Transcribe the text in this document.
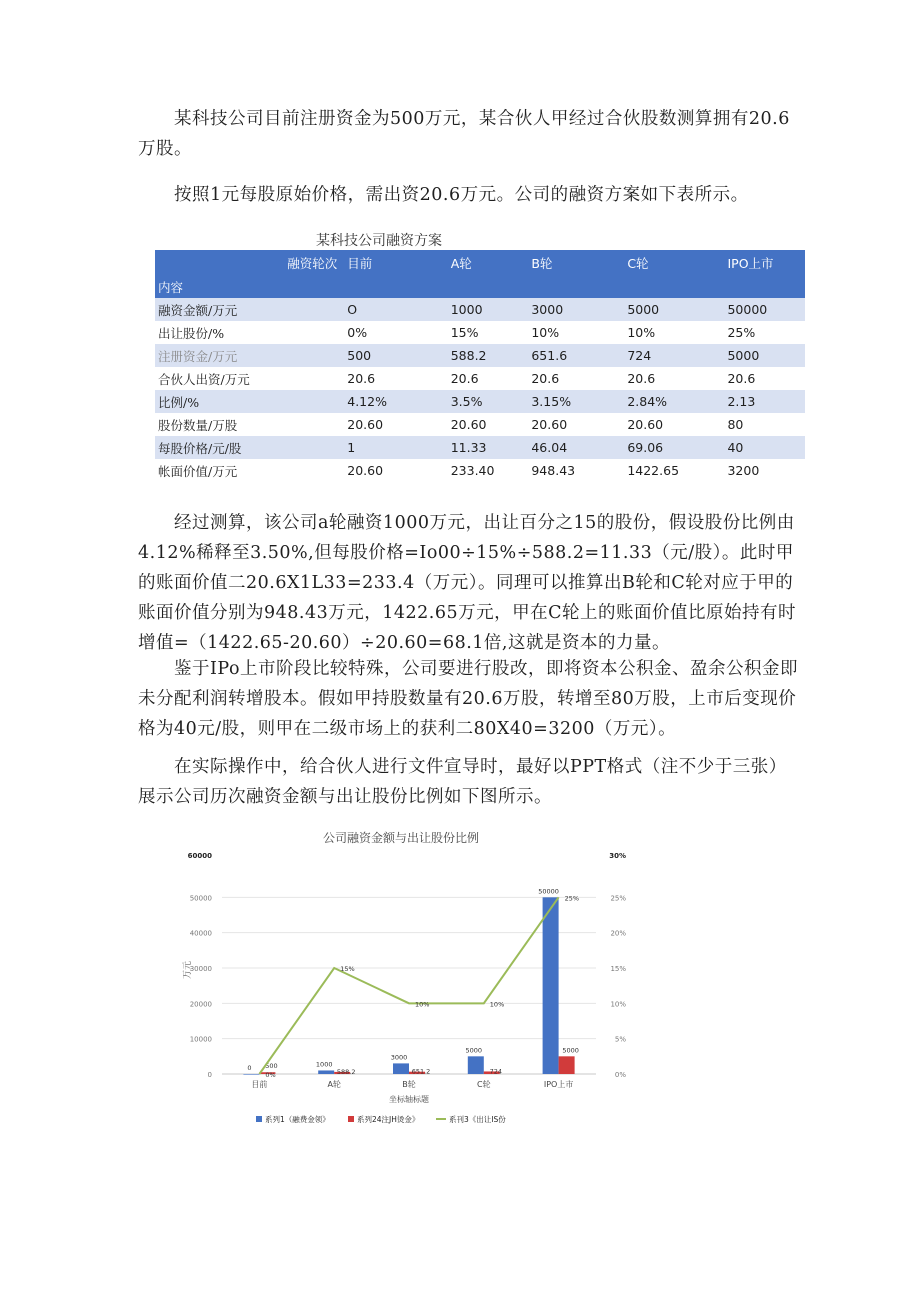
某科技公司目前注册资金为500万元，某合伙人甲经过合伙股数测算拥有20.6万股。

按照1元每股原始价格，需出资20.6万元。公司的融资方案如下表所示。

某科技公司融资方案
融资轮次
内容	目前	A轮	B轮	C轮	IPO上市
融资金额/万元	O	1000	3000	5000	50000
出让股份/%	0%	15%	10%	10%	25%
注册资金/万元	500	588.2	651.6	724	5000
合伙人出资/万元	20.6	20.6	20.6	20.6	20.6
比例/%	4.12%	3.5%	3.15%	2.84%	2.13
股份数量/万股	20.60	20.60	20.60	20.60	80
每股价格/元/股	1	11.33	46.04	69.06	40
帐面价值/万元	20.60	233.40	948.43	1422.65	3200

经过测算，该公司a轮融资1000万元，出让百分之15的股份，假设股份比例由4.12%稀释至3.50%,但每股价格=Io00÷15%÷588.2=11.33（元/股）。此时甲的账面价值二20.6X1L33=233.4（万元）。同理可以推算出B轮和C轮对应于甲的账面价值分别为948.43万元，1422.65万元，甲在C轮上的账面价值比原始持有时增值=（1422.65-20.60）÷20.60=68.1倍,这就是资本的力量。

鉴于IPo上市阶段比较特殊，公司要进行股改，即将资本公积金、盈余公积金即未分配利润转增股本。假如甲持股数量有20.6万股，转增至80万股，上市后变现价格为40元/股，则甲在二级市场上的获利二80X40=3200（万元）。

在实际操作中，给合伙人进行文件宣导时，最好以PPT格式（注不少于三张）展示公司历次融资金额与出让股份比例如下图所示。

公司融资金额与出让股份比例
0
10000
20000
30000
40000
50000
60000
0%
5%
10%
15%
20%
25%
30%
万元
0	1000
3000
5000
50000
500
588.2	651.2	724
5000
0%
15%
10%	10%
25%
目前	A轮	B轮	C轮	IPO上市
坐标轴标题
系列1（融费金领》	系列24注JH烫金》	系刊3《出让IS份
